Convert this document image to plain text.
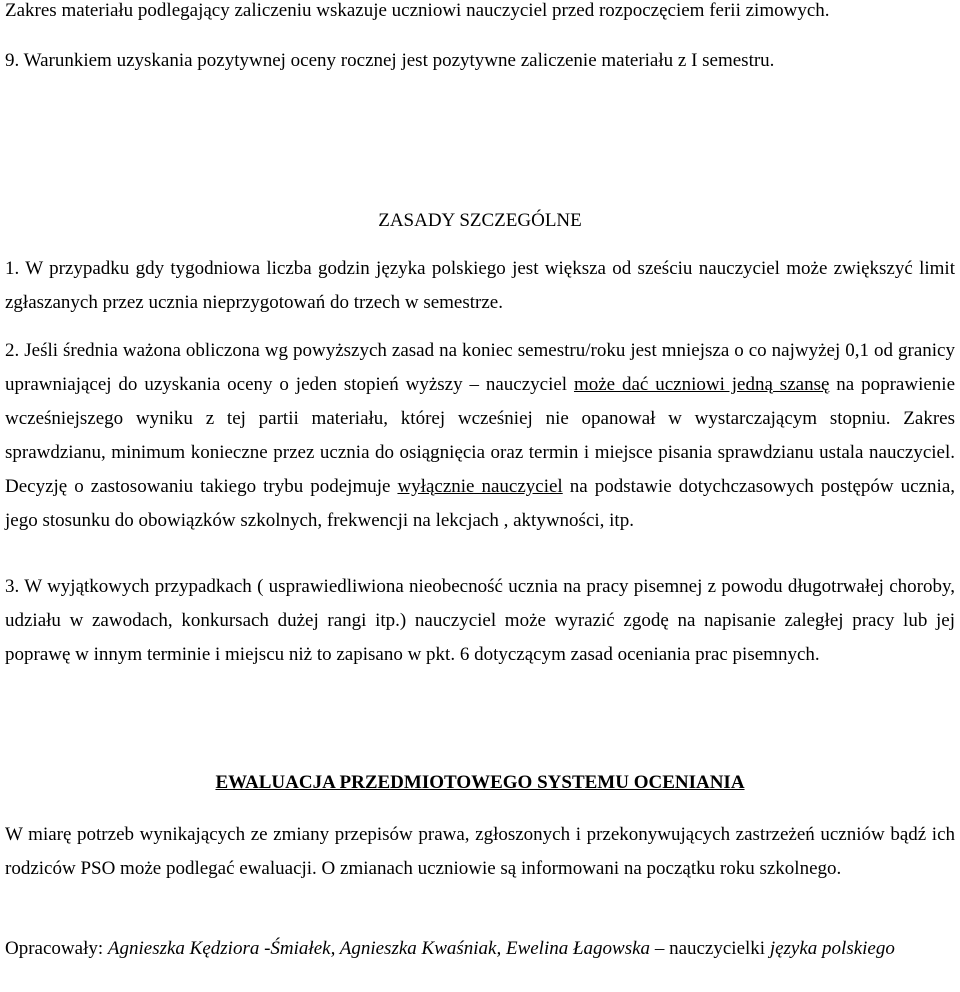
Zakres materiału podlegający zaliczeniu wskazuje uczniowi nauczyciel przed rozpoczęciem ferii zimowych.

9. Warunkiem uzyskania pozytywnej oceny rocznej jest pozytywne zaliczenie materiału z I semestru.

ZASADY SZCZEGÓLNE

1. W przypadku gdy tygodniowa liczba godzin języka polskiego jest większa od sześciu nauczyciel może zwiększyć limit zgłaszanych przez ucznia nieprzygotowań do trzech w semestrze.

2. Jeśli średnia ważona obliczona wg powyższych zasad na koniec semestru/roku jest mniejsza o co najwyżej 0,1 od granicy uprawniającej do uzyskania oceny o jeden stopień wyższy – nauczyciel może dać uczniowi jedną szansę na poprawienie wcześniejszego wyniku z tej partii materiału, której wcześniej nie opanował w wystarczającym stopniu. Zakres sprawdzianu, minimum konieczne przez ucznia do osiągnięcia oraz termin i miejsce pisania sprawdzianu ustala nauczyciel. Decyzję o zastosowaniu takiego trybu podejmuje wyłącznie nauczyciel na podstawie dotychczasowych postępów ucznia, jego stosunku do obowiązków szkolnych, frekwencji na lekcjach , aktywności, itp.

3. W wyjątkowych przypadkach ( usprawiedliwiona nieobecność ucznia na pracy pisemnej z powodu długotrwałej choroby, udziału w zawodach, konkursach dużej rangi itp.) nauczyciel może wyrazić zgodę na napisanie zaległej pracy lub jej poprawę w innym terminie i miejscu niż to zapisano w pkt. 6 dotyczącym zasad oceniania prac pisemnych.

EWALUACJA PRZEDMIOTOWEGO SYSTEMU OCENIANIA

W miarę potrzeb wynikających ze zmiany przepisów prawa, zgłoszonych i przekonywujących zastrzeżeń uczniów bądź ich rodziców PSO może podlegać ewaluacji. O zmianach uczniowie są informowani na początku roku szkolnego.

Opracowały: Agnieszka Kędziora -Śmiałek, Agnieszka Kwaśniak, Ewelina Łagowska – nauczycielki języka polskiego
